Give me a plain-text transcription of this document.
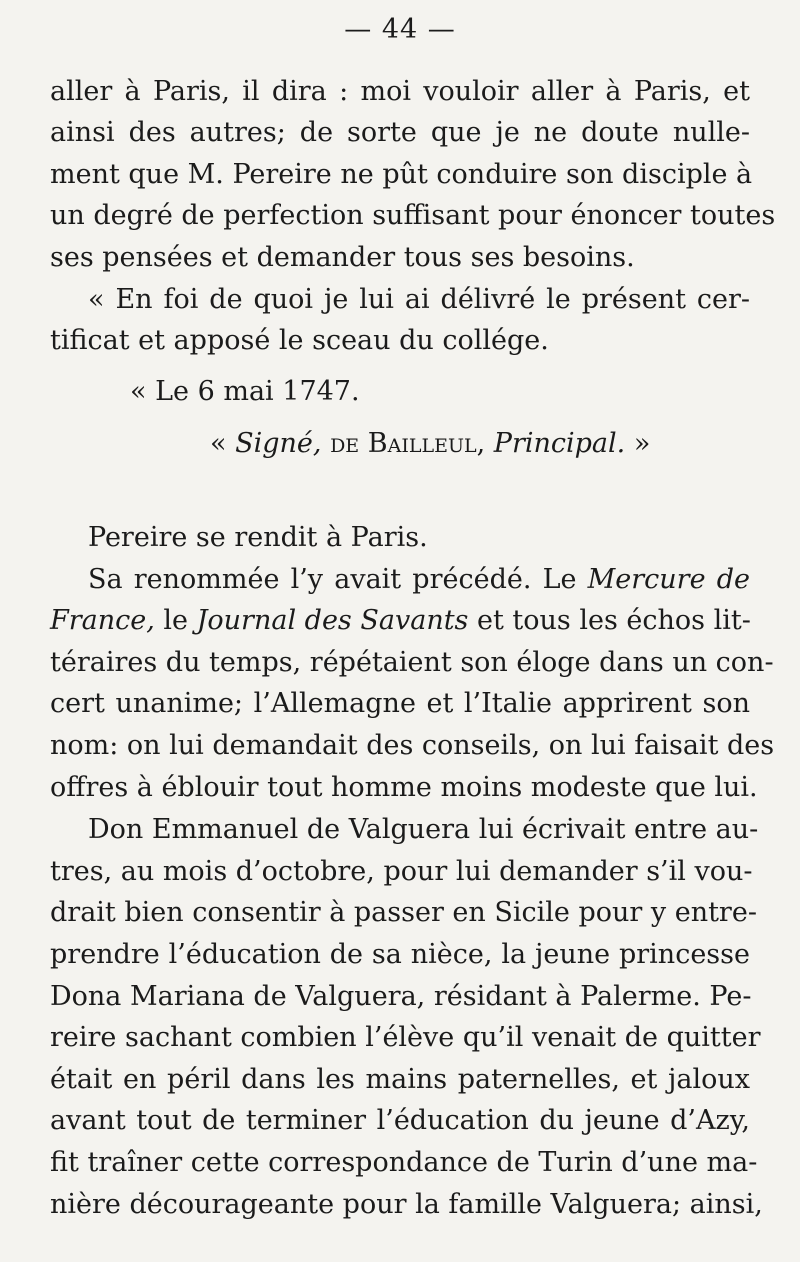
— 44 —
aller à Paris, il dira : moi vouloir aller à Paris, et
ainsi des autres; de sorte que je ne doute nulle-
ment que M. Pereire ne pût conduire son disciple à
un degré de perfection suffisant pour énoncer toutes
ses pensées et demander tous ses besoins.
« En foi de quoi je lui ai délivré le présent cer-
tificat et apposé le sceau du collége.
« Le 6 mai 1747.
« Signé, de Bailleul, Principal. »
Pereire se rendit à Paris.
Sa renommée l’y avait précédé. Le Mercure de
France, le Journal des Savants et tous les échos lit-
téraires du temps, répétaient son éloge dans un con-
cert unanime; l’Allemagne et l’Italie apprirent son
nom: on lui demandait des conseils, on lui faisait des
offres à éblouir tout homme moins modeste que lui.
Don Emmanuel de Valguera lui écrivait entre au-
tres, au mois d’octobre, pour lui demander s’il vou-
drait bien consentir à passer en Sicile pour y entre-
prendre l’éducation de sa nièce, la jeune princesse
Dona Mariana de Valguera, résidant à Palerme. Pe-
reire sachant combien l’élève qu’il venait de quitter
était en péril dans les mains paternelles, et jaloux
avant tout de terminer l’éducation du jeune d’Azy,
fit traîner cette correspondance de Turin d’une ma-
nière décourageante pour la famille Valguera; ainsi,
